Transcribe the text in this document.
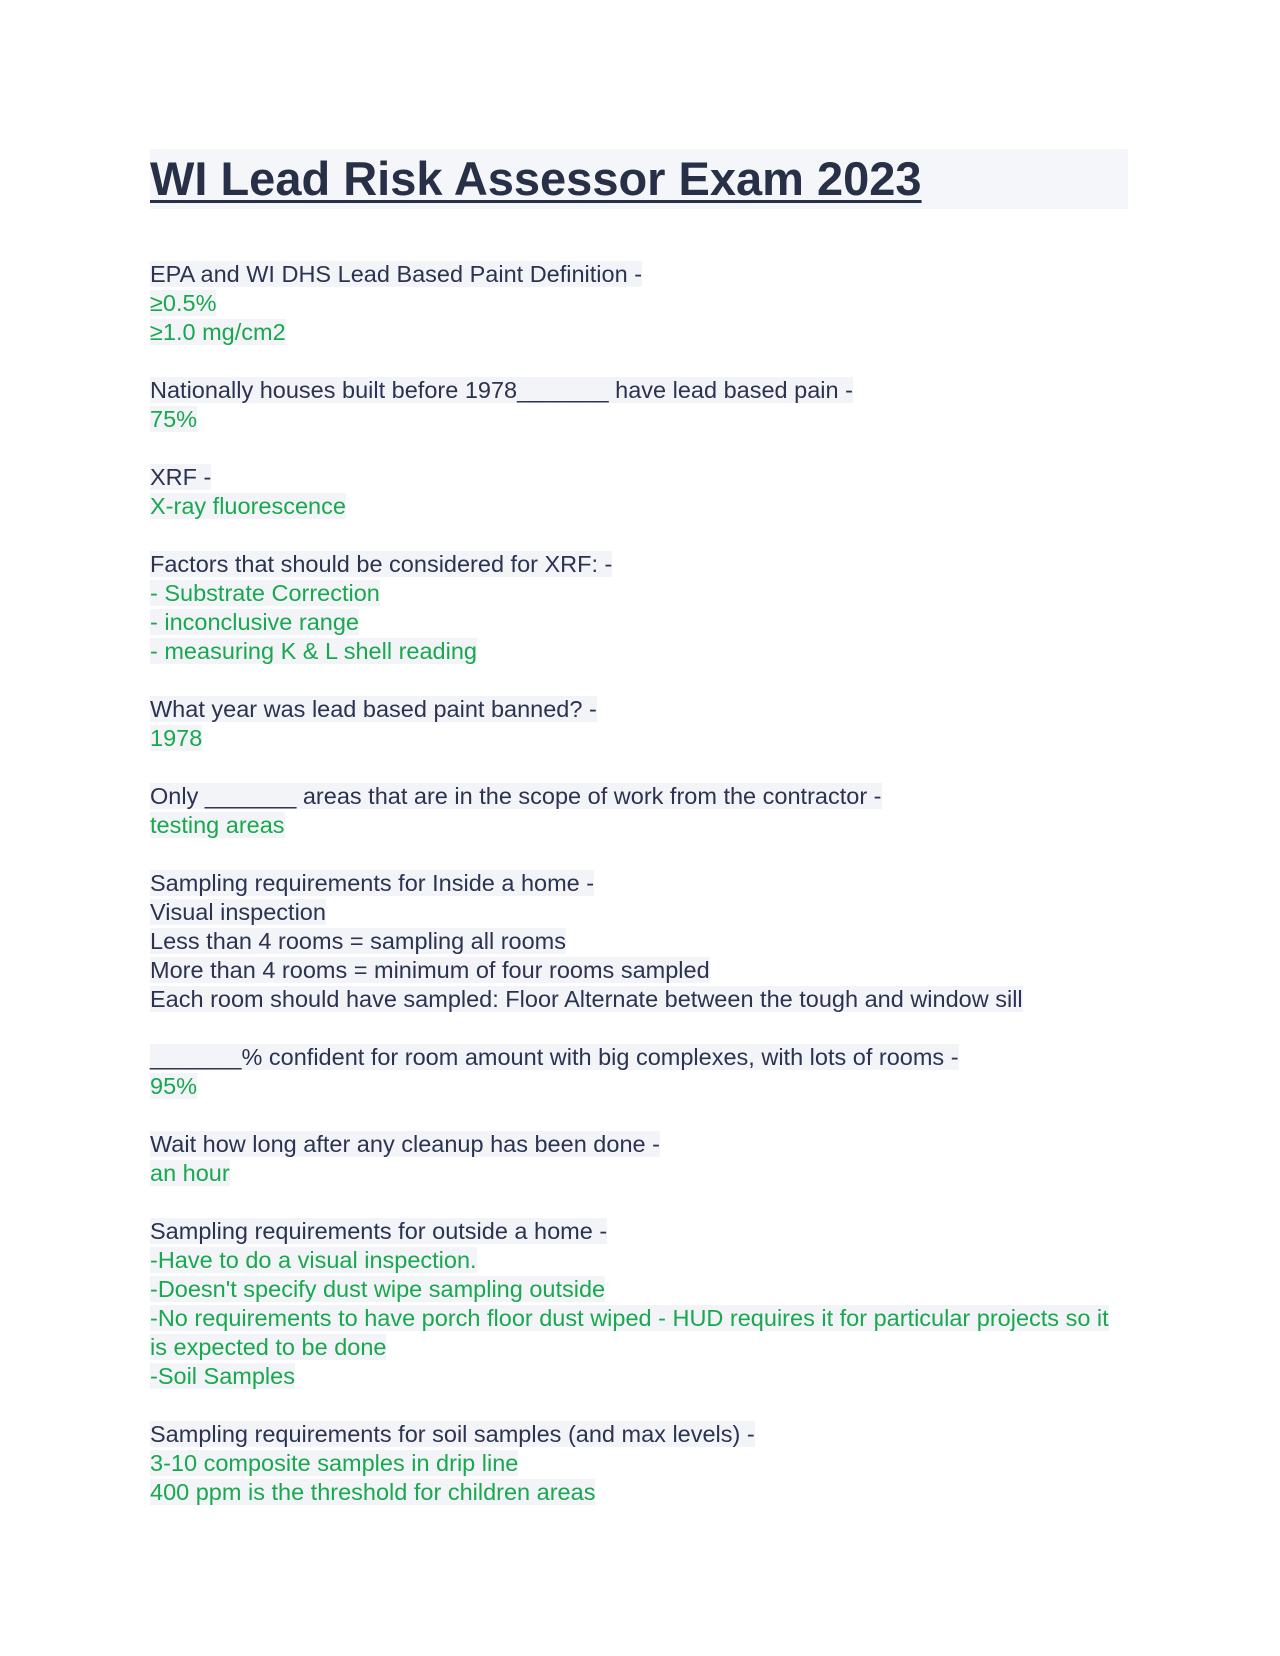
WI Lead Risk Assessor Exam 2023
EPA and WI DHS Lead Based Paint Definition -
≥0.5%
≥1.0 mg/cm2
Nationally houses built before 1978_______ have lead based pain -
75%
XRF -
X-ray fluorescence
Factors that should be considered for XRF: -
- Substrate Correction
- inconclusive range
- measuring K & L shell reading
What year was lead based paint banned? -
1978
Only _______ areas that are in the scope of work from the contractor -
testing areas
Sampling requirements for Inside a home -
Visual inspection
Less than 4 rooms = sampling all rooms
More than 4 rooms = minimum of four rooms sampled
Each room should have sampled: Floor Alternate between the tough and window sill
_______% confident for room amount with big complexes, with lots of rooms -
95%
Wait how long after any cleanup has been done -
an hour
Sampling requirements for outside a home -
-Have to do a visual inspection.
-Doesn't specify dust wipe sampling outside
-No requirements to have porch floor dust wiped - HUD requires it for particular projects so it is expected to be done
-Soil Samples
Sampling requirements for soil samples (and max levels) -
3-10 composite samples in drip line
400 ppm is the threshold for children areas
